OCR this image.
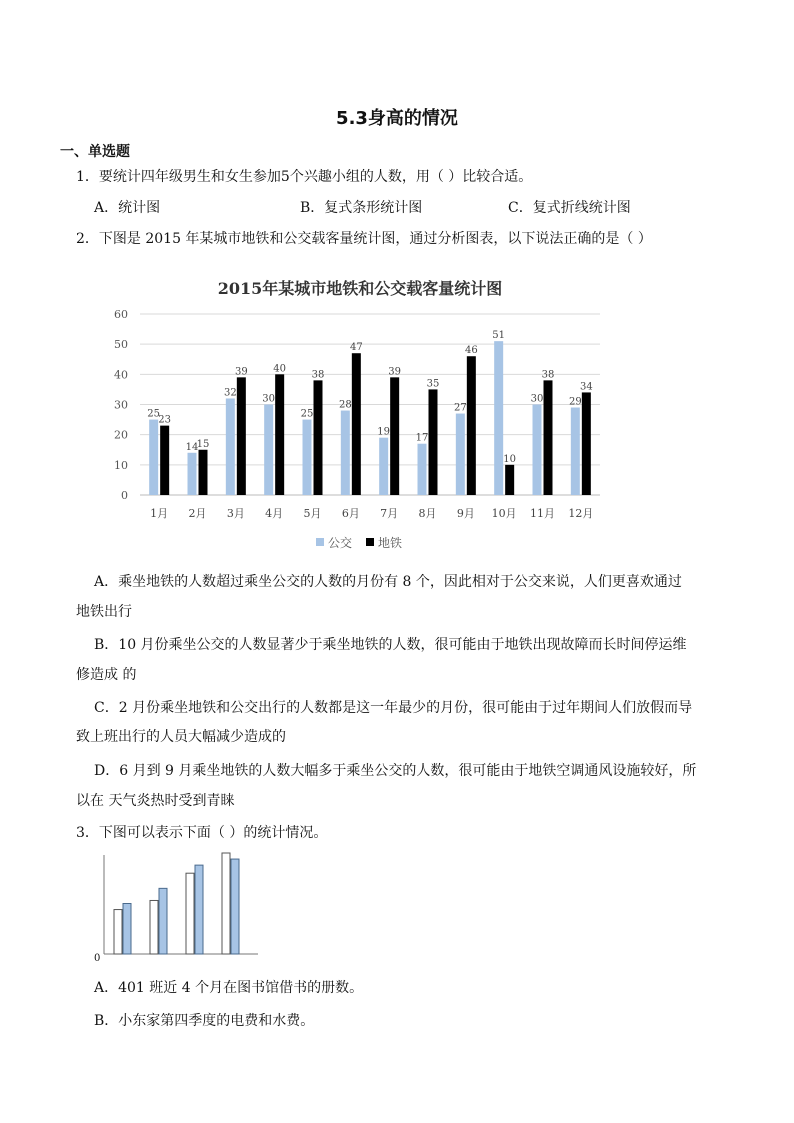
5.3身高的情况
一、单选题
1．要统计四年级男生和女生参加5个兴趣小组的人数，用（ ）比较合适。
A．统计图	B．复式条形统计图	C．复式折线统计图
2．下图是 2015 年某城市地铁和公交载客量统计图，通过分析图表，以下说法正确的是（ ）
2015年某城市地铁和公交载客量统计图
0
10
20
30
40
50
60
25
23
14
15
32
39
30
40
25
38
28
47
19
39
17
35
27
46
51
10
30
38
29
34
1月 2月 3月 4月 5月 6月 7月 8月 9月 10月 11月 12月
公交 地铁
A．乘坐地铁的人数超过乘坐公交的人数的月份有 8 个，因此相对于公交来说，人们更喜欢通过
地铁出行
B．10 月份乘坐公交的人数显著少于乘坐地铁的人数，很可能由于地铁出现故障而长时间停运维
修造成 的
C．2 月份乘坐地铁和公交出行的人数都是这一年最少的月份，很可能由于过年期间人们放假而导
致上班出行的人员大幅减少造成的
D．6 月到 9 月乘坐地铁的人数大幅多于乘坐公交的人数，很可能由于地铁空调通风设施较好，所
以在 天气炎热时受到青睐
3．下图可以表示下面（ ）的统计情况。
0
A．401 班近 4 个月在图书馆借书的册数。
B．小东家第四季度的电费和水费。
